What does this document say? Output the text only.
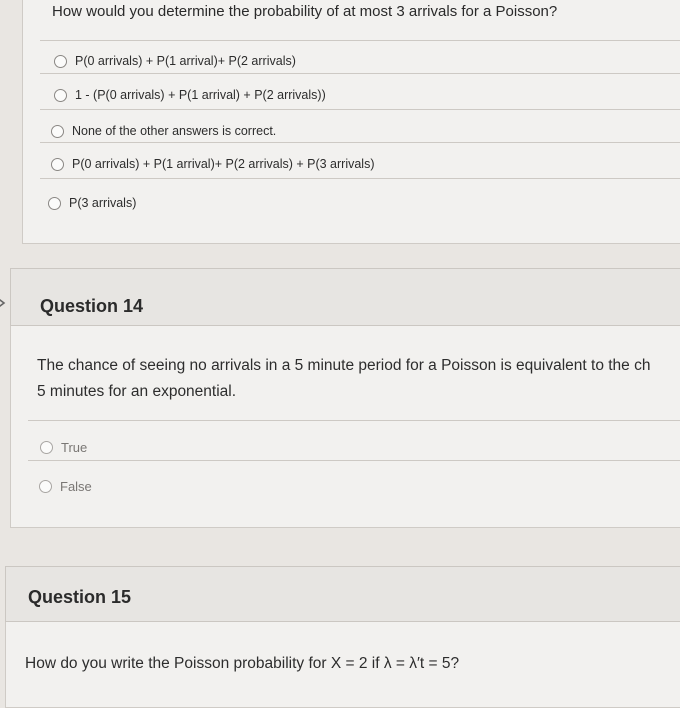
How would you determine the probability of at most 3 arrivals for a Poisson?
P(0 arrivals) + P(1 arrival)+ P(2 arrivals)
1 - (P(0 arrivals) + P(1 arrival) + P(2 arrivals))
None of the other answers is correct.
P(0 arrivals) + P(1 arrival)+ P(2 arrivals) + P(3 arrivals)
P(3 arrivals)
Question 14
The chance of seeing no arrivals in a 5 minute period for a Poisson is equivalent to the ch
5 minutes for an exponential.
True
False
Question 15
How do you write the Poisson probability for X = 2 if λ = λ′t = 5?
